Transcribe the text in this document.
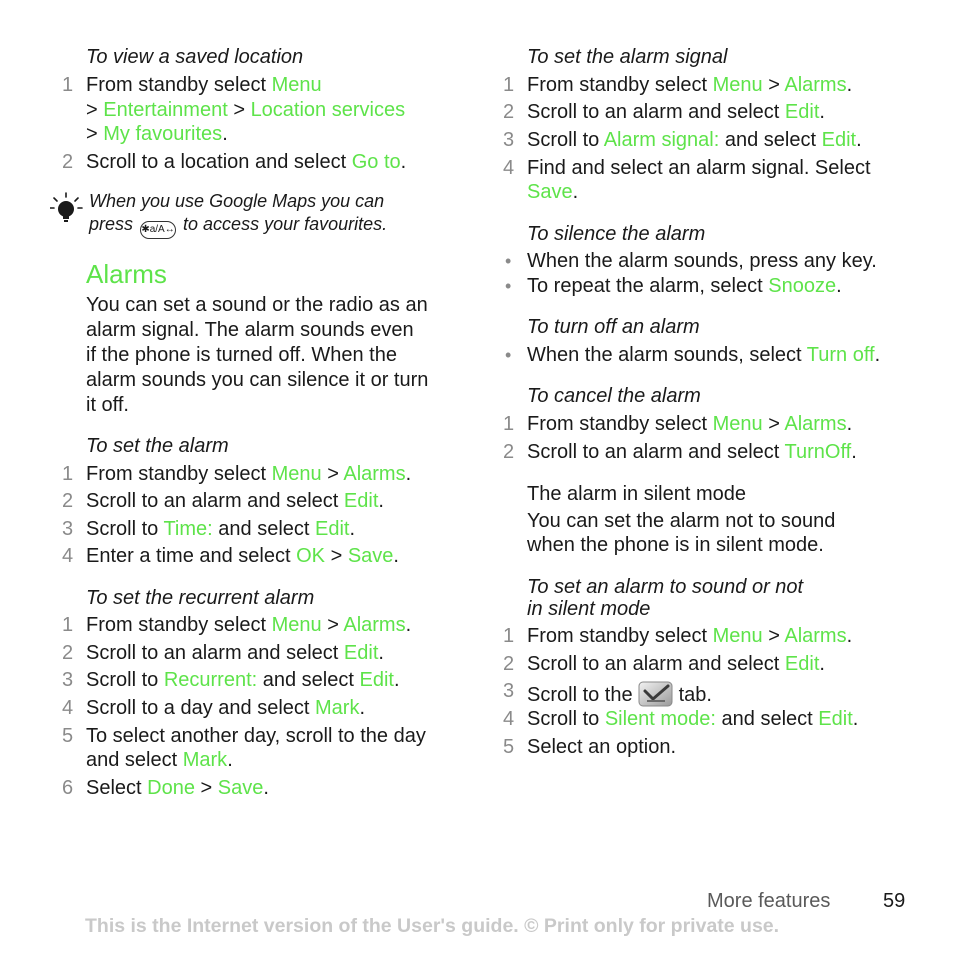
To view a saved location
1 From standby select Menu
> Entertainment > Location services
> My favourites.
2 Scroll to a location and select Go to.
When you use Google Maps you can
press ✱a/A↔ to access your favourites.
Alarms
You can set a sound or the radio as an
alarm signal. The alarm sounds even
if the phone is turned off. When the
alarm sounds you can silence it or turn
it off.
To set the alarm
1 From standby select Menu > Alarms.
2 Scroll to an alarm and select Edit.
3 Scroll to Time: and select Edit.
4 Enter a time and select OK > Save.
To set the recurrent alarm
1 From standby select Menu > Alarms.
2 Scroll to an alarm and select Edit.
3 Scroll to Recurrent: and select Edit.
4 Scroll to a day and select Mark.
5 To select another day, scroll to the day
and select Mark.
6 Select Done > Save.
To set the alarm signal
1 From standby select Menu > Alarms.
2 Scroll to an alarm and select Edit.
3 Scroll to Alarm signal: and select Edit.
4 Find and select an alarm signal. Select
Save.
To silence the alarm
• When the alarm sounds, press any key.
• To repeat the alarm, select Snooze.
To turn off an alarm
• When the alarm sounds, select Turn off.
To cancel the alarm
1 From standby select Menu > Alarms.
2 Scroll to an alarm and select TurnOff.
The alarm in silent mode
You can set the alarm not to sound
when the phone is in silent mode.
To set an alarm to sound or not
in silent mode
1 From standby select Menu > Alarms.
2 Scroll to an alarm and select Edit.
3 Scroll to the tab.
4 Scroll to Silent mode: and select Edit.
5 Select an option.
More features	59
This is the Internet version of the User's guide. © Print only for private use.
